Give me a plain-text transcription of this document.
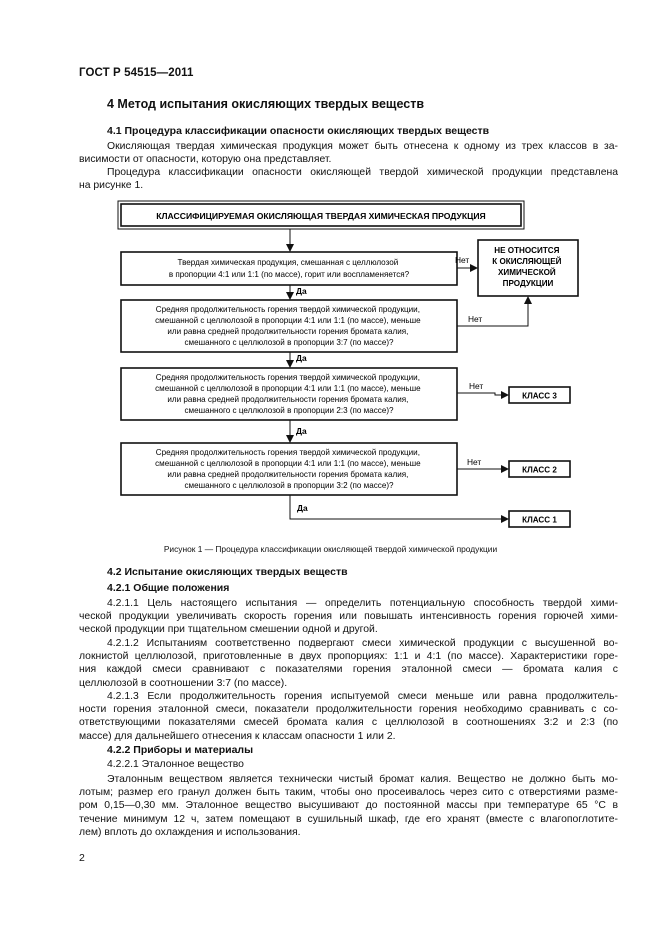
ГОСТ Р 54515—2011
4 Метод испытания окисляющих твердых веществ
4.1 Процедура классификации опасности окисляющих твердых веществ
Окисляющая твердая химическая продукция может быть отнесена к одному из трех классов в за-
висимости от опасности, которую она представляет.
Процедура классификации опасности окисляющей твердой химической продукции представлена
на рисунке 1.
КЛАССИФИЦИРУЕМАЯ ОКИСЛЯЮЩАЯ ТВЕРДАЯ ХИМИЧЕСКАЯ ПРОДУКЦИЯ
Твердая химическая продукция, смешанная с целлюлозой в пропорции 4:1 или 1:1 (по массе), горит или воспламеняется?
Нет
НЕ ОТНОСИТСЯ К ОКИСЛЯЮЩЕЙ ХИМИЧЕСКОЙ ПРОДУКЦИИ
Да
Средняя продолжительность горения твердой химической продукции, смешанной с целлюлозой в пропорции 4:1 или 1:1 (по массе), меньше или равна средней продолжительности горения бромата калия, смешанного с целлюлозой в пропорции 3:7 (по массе)?
Нет
Да
Средняя продолжительность горения твердой химической продукции, смешанной с целлюлозой в пропорции 4:1 или 1:1 (по массе), меньше или равна средней продолжительности горения бромата калия, смешанного с целлюлозой в пропорции 2:3 (по массе)?
Нет
КЛАСС 3
Да
Средняя продолжительность горения твердой химической продукции, смешанной с целлюлозой в пропорции 4:1 или 1:1 (по массе), меньше или равна средней продолжительности горения бромата калия, смешанного с целлюлозой в пропорции 3:2 (по массе)?
Нет
КЛАСС 2
Да
КЛАСС 1
Рисунок 1 — Процедура классификации окисляющей твердой химической продукции
4.2 Испытание окисляющих твердых веществ
4.2.1 Общие положения
4.2.1.1 Цель настоящего испытания — определить потенциальную способность твердой хими-
ческой продукции увеличивать скорость горения или повышать интенсивность горения горючей хими-
ческой продукции при тщательном смешении одной и другой.
4.2.1.2 Испытаниям соответственно подвергают смеси химической продукции с высушенной во-
локнистой целлюлозой, приготовленные в двух пропорциях: 1:1 и 4:1 (по массе). Характеристики горе-
ния каждой смеси сравнивают с показателями горения эталонной смеси — бромата калия с
целлюлозой в соотношении 3:7 (по массе).
4.2.1.3 Если продолжительность горения испытуемой смеси меньше или равна продолжитель-
ности горения эталонной смеси, показатели продолжительности горения необходимо сравнивать с со-
ответствующими показателями смесей бромата калия с целлюлозой в соотношениях 3:2 и 2:3 (по
массе) для дальнейшего отнесения к классам опасности 1 или 2.
4.2.2 Приборы и материалы
4.2.2.1 Эталонное вещество
Эталонным веществом является технически чистый бромат калия. Вещество не должно быть мо-
лотым; размер его гранул должен быть таким, чтобы оно просеивалось через сито с отверстиями разме-
ром 0,15—0,30 мм. Эталонное вещество высушивают до постоянной массы при температуре 65 °С в
течение минимум 12 ч, затем помещают в сушильный шкаф, где его хранят (вместе с влагопоглотите-
лем) вплоть до охлаждения и использования.
2
